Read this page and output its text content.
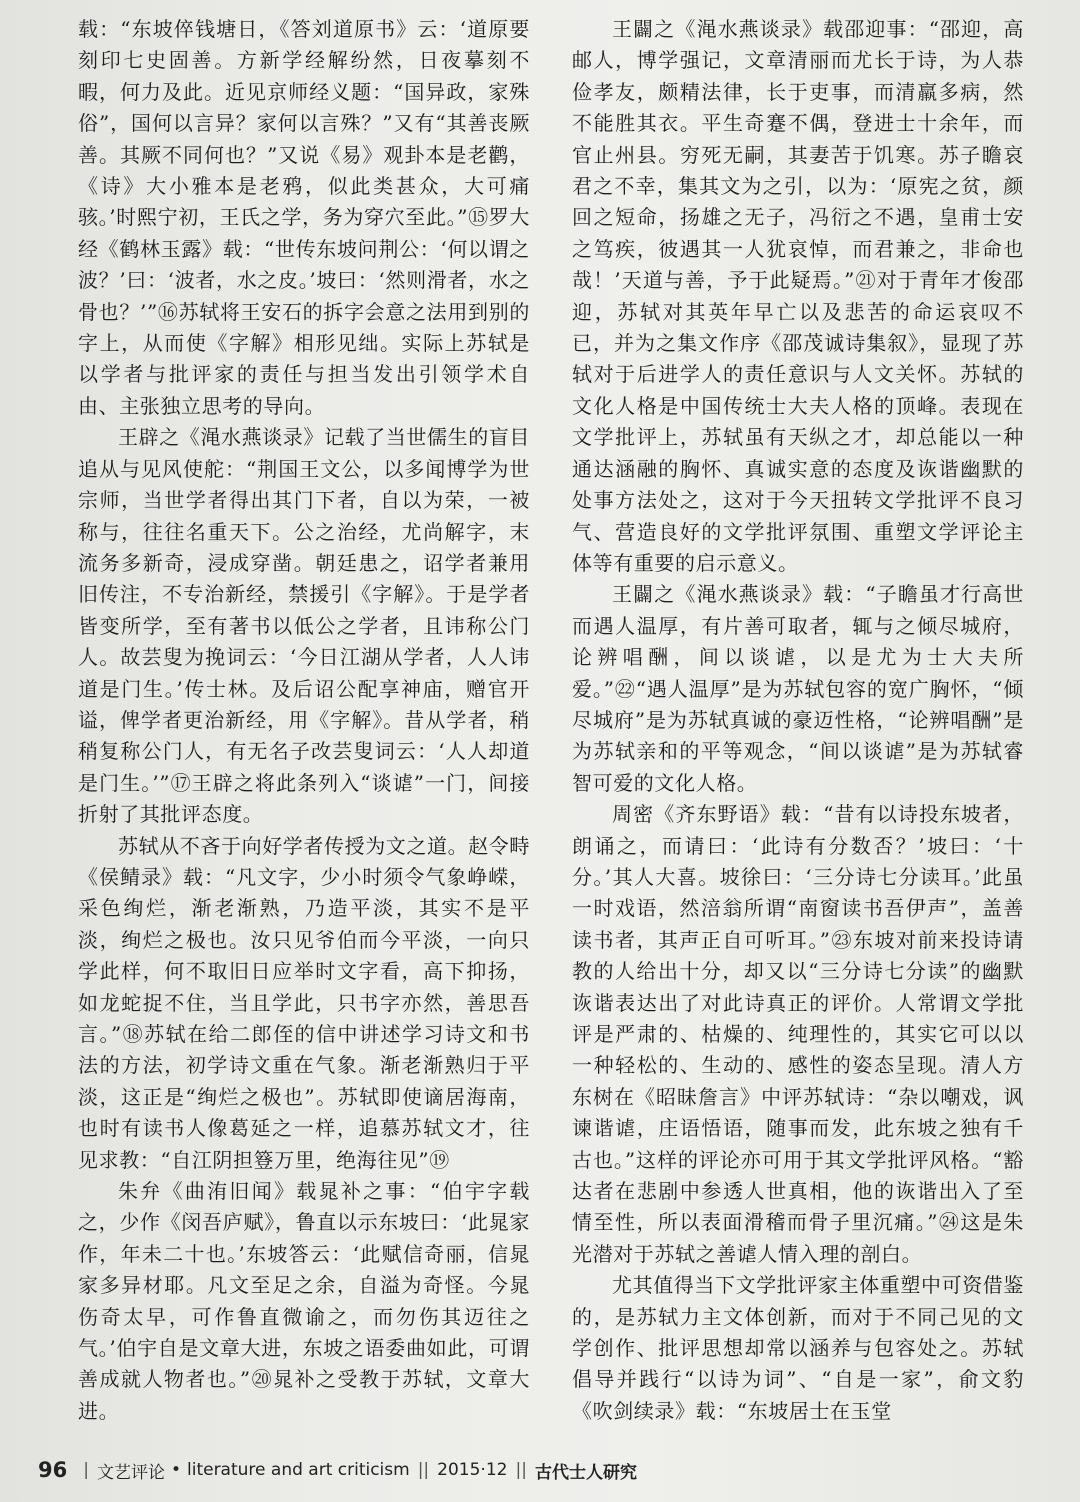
载：“东坡倅钱塘日，《答刘道原书》云：‘道原要刻印七史固善。方新学经解纷然，日夜摹刻不暇，何力及此。近见京师经义题：“国异政，家殊俗”，国何以言异？家何以言殊？”又有“其善丧厥善。其厥不同何也？”又说《易》观卦本是老鹳，《诗》大小雅本是老鸦，似此类甚众，大可痛骇。’时熙宁初，王氏之学，务为穿穴至此。”⑮罗大经《鹤林玉露》载：“世传东坡问荆公：‘何以谓之波？’曰：‘波者，水之皮。’坡曰：‘然则滑者，水之骨也？’”⑯苏轼将王安石的拆字会意之法用到别的字上，从而使《字解》相形见绌。实际上苏轼是以学者与批评家的责任与担当发出引领学术自由、主张独立思考的导向。

王辟之《渑水燕谈录》记载了当世儒生的盲目追从与见风使舵：“荆国王文公，以多闻博学为世宗师，当世学者得出其门下者，自以为荣，一被称与，往往名重天下。公之治经，尤尚解字，末流务多新奇，浸成穿凿。朝廷患之，诏学者兼用旧传注，不专治新经，禁援引《字解》。于是学者皆变所学，至有著书以低公之学者，且讳称公门人。故芸叟为挽词云：‘今日江湖从学者，人人讳道是门生。’传士林。及后诏公配享神庙，赠官开谥，俾学者更治新经，用《字解》。昔从学者，稍稍复称公门人，有无名子改芸叟词云：‘人人却道是门生。’”⑰王辟之将此条列入“谈谑”一门，间接折射了其批评态度。

苏轼从不吝于向好学者传授为文之道。赵令畤《侯鲭录》载：“凡文字，少小时须令气象峥嵘，采色绚烂，渐老渐熟，乃造平淡，其实不是平淡，绚烂之极也。汝只见爷伯而今平淡，一向只学此样，何不取旧日应举时文字看，高下抑扬，如龙蛇捉不住，当且学此，只书字亦然，善思吾言。”⑱苏轼在给二郎侄的信中讲述学习诗文和书法的方法，初学诗文重在气象。渐老渐熟归于平淡，这正是“绚烂之极也”。苏轼即使谪居海南，也时有读书人像葛延之一样，追慕苏轼文才，往见求教：“自江阴担簦万里，绝海往见”⑲

朱弁《曲洧旧闻》载晁补之事：“伯宇字载之，少作《闵吾庐赋》，鲁直以示东坡曰：‘此晁家作，年未二十也。’东坡答云：‘此赋信奇丽，信晁家多异材耶。凡文至足之余，自溢为奇怪。今晁伤奇太早，可作鲁直微谕之，而勿伤其迈往之气。’伯宇自是文章大进，东坡之语委曲如此，可谓善成就人物者也。”⑳晁补之受教于苏轼，文章大进。

王闢之《渑水燕谈录》载邵迎事：“邵迎，高邮人，博学强记，文章清丽而尤长于诗，为人恭俭孝友，颇精法律，长于吏事，而清羸多病，然不能胜其衣。平生奇蹇不偶，登进士十余年，而官止州县。穷死无嗣，其妻苦于饥寒。苏子瞻哀君之不幸，集其文为之引，以为：‘原宪之贫，颜回之短命，扬雄之无子，冯衍之不遇，皇甫士安之笃疾，彼遇其一人犹哀悼，而君兼之，非命也哉！’天道与善，予于此疑焉。”㉑对于青年才俊邵迎，苏轼对其英年早亡以及悲苦的命运哀叹不已，并为之集文作序《邵茂诚诗集叙》，显现了苏轼对于后进学人的责任意识与人文关怀。苏轼的文化人格是中国传统士大夫人格的顶峰。表现在文学批评上，苏轼虽有天纵之才，却总能以一种通达涵融的胸怀、真诚实意的态度及诙谐幽默的处事方法处之，这对于今天扭转文学批评不良习气、营造良好的文学批评氛围、重塑文学评论主体等有重要的启示意义。

王闢之《渑水燕谈录》载：“子瞻虽才行高世而遇人温厚，有片善可取者，辄与之倾尽城府，论辨唱酬，间以谈谑，以是尤为士大夫所爱。”㉒“遇人温厚”是为苏轼包容的宽广胸怀，“倾尽城府”是为苏轼真诚的豪迈性格，“论辨唱酬”是为苏轼亲和的平等观念，“间以谈谑”是为苏轼睿智可爱的文化人格。

周密《齐东野语》载：“昔有以诗投东坡者，朗诵之，而请曰：‘此诗有分数否？’坡曰：‘十分。’其人大喜。坡徐曰：‘三分诗七分读耳。’此虽一时戏语，然涪翁所谓“南窗读书吾伊声”，盖善读书者，其声正自可听耳。”㉓东坡对前来投诗请教的人给出十分，却又以“三分诗七分读”的幽默诙谐表达出了对此诗真正的评价。人常谓文学批评是严肃的、枯燥的、纯理性的，其实它可以以一种轻松的、生动的、感性的姿态呈现。清人方东树在《昭昧詹言》中评苏轼诗：“杂以嘲戏，讽谏谐谑，庄语悟语，随事而发，此东坡之独有千古也。”这样的评论亦可用于其文学批评风格。“豁达者在悲剧中参透人世真相，他的诙谐出入了至情至性，所以表面滑稽而骨子里沉痛。”㉔这是朱光潜对于苏轼之善谑人情入理的剖白。

尤其值得当下文学批评家主体重塑中可资借鉴的，是苏轼力主文体创新，而对于不同己见的文学创作、批评思想却常以涵养与包容处之。苏轼倡导并践行“以诗为词”、“自是一家”，俞文豹《吹剑续录》载：“东坡居士在玉堂

96 | 文艺评论 • literature and art criticism || 2015·12 || 古代士人研究
